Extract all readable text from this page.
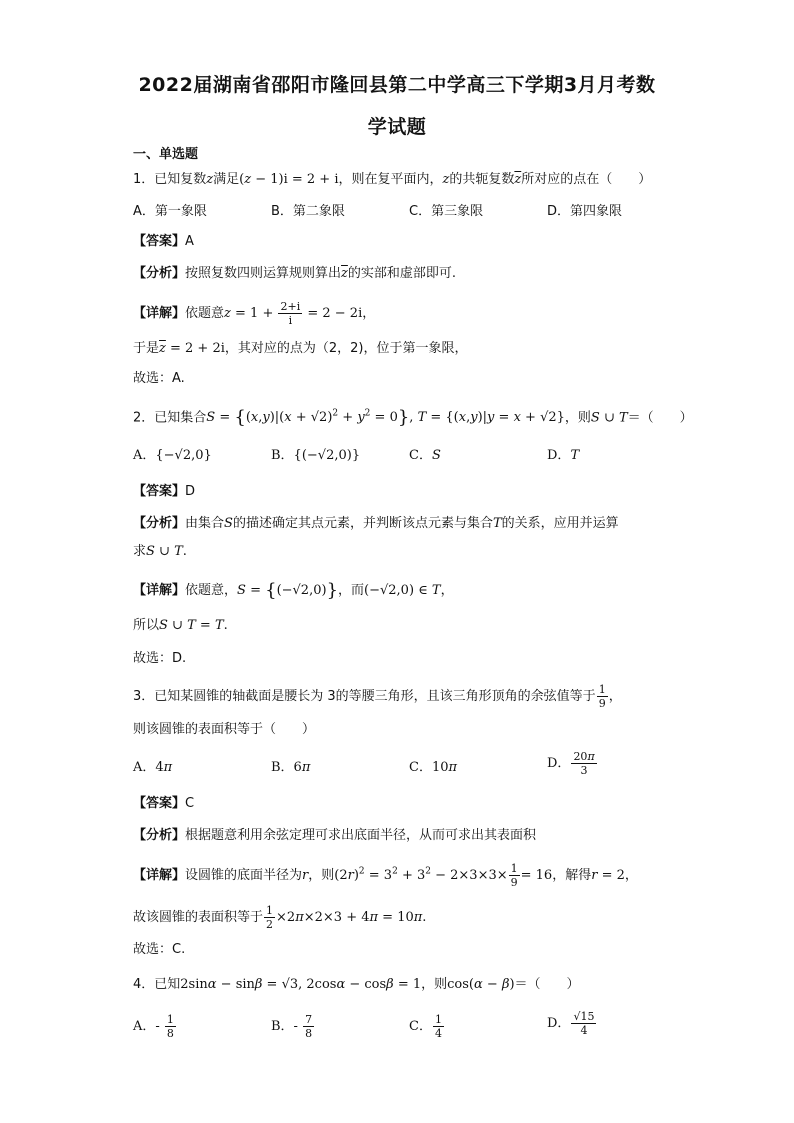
2022届湖南省邵阳市隆回县第二中学高三下学期3月月考数
学试题
一、单选题
1．已知复数z满足(z − 1)i = 2 + i，则在复平面内，z的共轭复数$\overline{z}$所对应的点在（　　）
A．第一象限	B．第二象限	C．第三象限	D．第四象限
【答案】A
【分析】按照复数四则运算规则算出$\overline{z}$的实部和虚部即可.
【详解】依题意$z = 1 + \frac{2+i}{i} = 2 - 2i$，
于是$\overline{z} = 2 + 2i$，其对应的点为（2，2)，位于第一象限，
故选：A.
2．已知集合$S = \{(x,y)|(x + √2)^2 + y^2 = 0\}$, T = {(x,y)|y = x + √2}，则S ∪ T＝（　　）
A．{−√2,0}	B．{(−√2,0)}	C．S	D．T
【答案】D
【分析】由集合S的描述确定其点元素，并判断该点元素与集合T的关系，应用并运算
求S ∪ T.
【详解】依题意，S = {(−√2,0)}，而(−√2,0) ∈ T，
所以S ∪ T = T.
故选：D.
3．已知某圆锥的轴截面是腰长为 3的等腰三角形，且该三角形顶角的余弦值等于 $\frac{1}{9}$ ，
则该圆锥的表面积等于（　　）
A．4π	B．6π	C．10π	D． $\frac{20\pi}{3}$
【答案】C
【分析】根据题意利用余弦定理可求出底面半径，从而可求出其表面积
【详解】设圆锥的底面半径为r，则$(2r)^2 = 3^2 + 3^2 - 2\times 3\times 3\times \frac{1}{9} = 16$，解得r = 2，
故该圆锥的表面积等于 $\frac{1}{2} \times 2\pi\times 2\times 3 + 4\pi = 10\pi$.
故选：C.
4．已知2sinα − sinβ = √3, 2cosα − cosβ = 1，则cos(α − β)＝（　　）
A．- $\frac{1}{8}$	B．- $\frac{7}{8}$	C． $\frac{1}{4}$	D． $\frac{√15}{4}$
